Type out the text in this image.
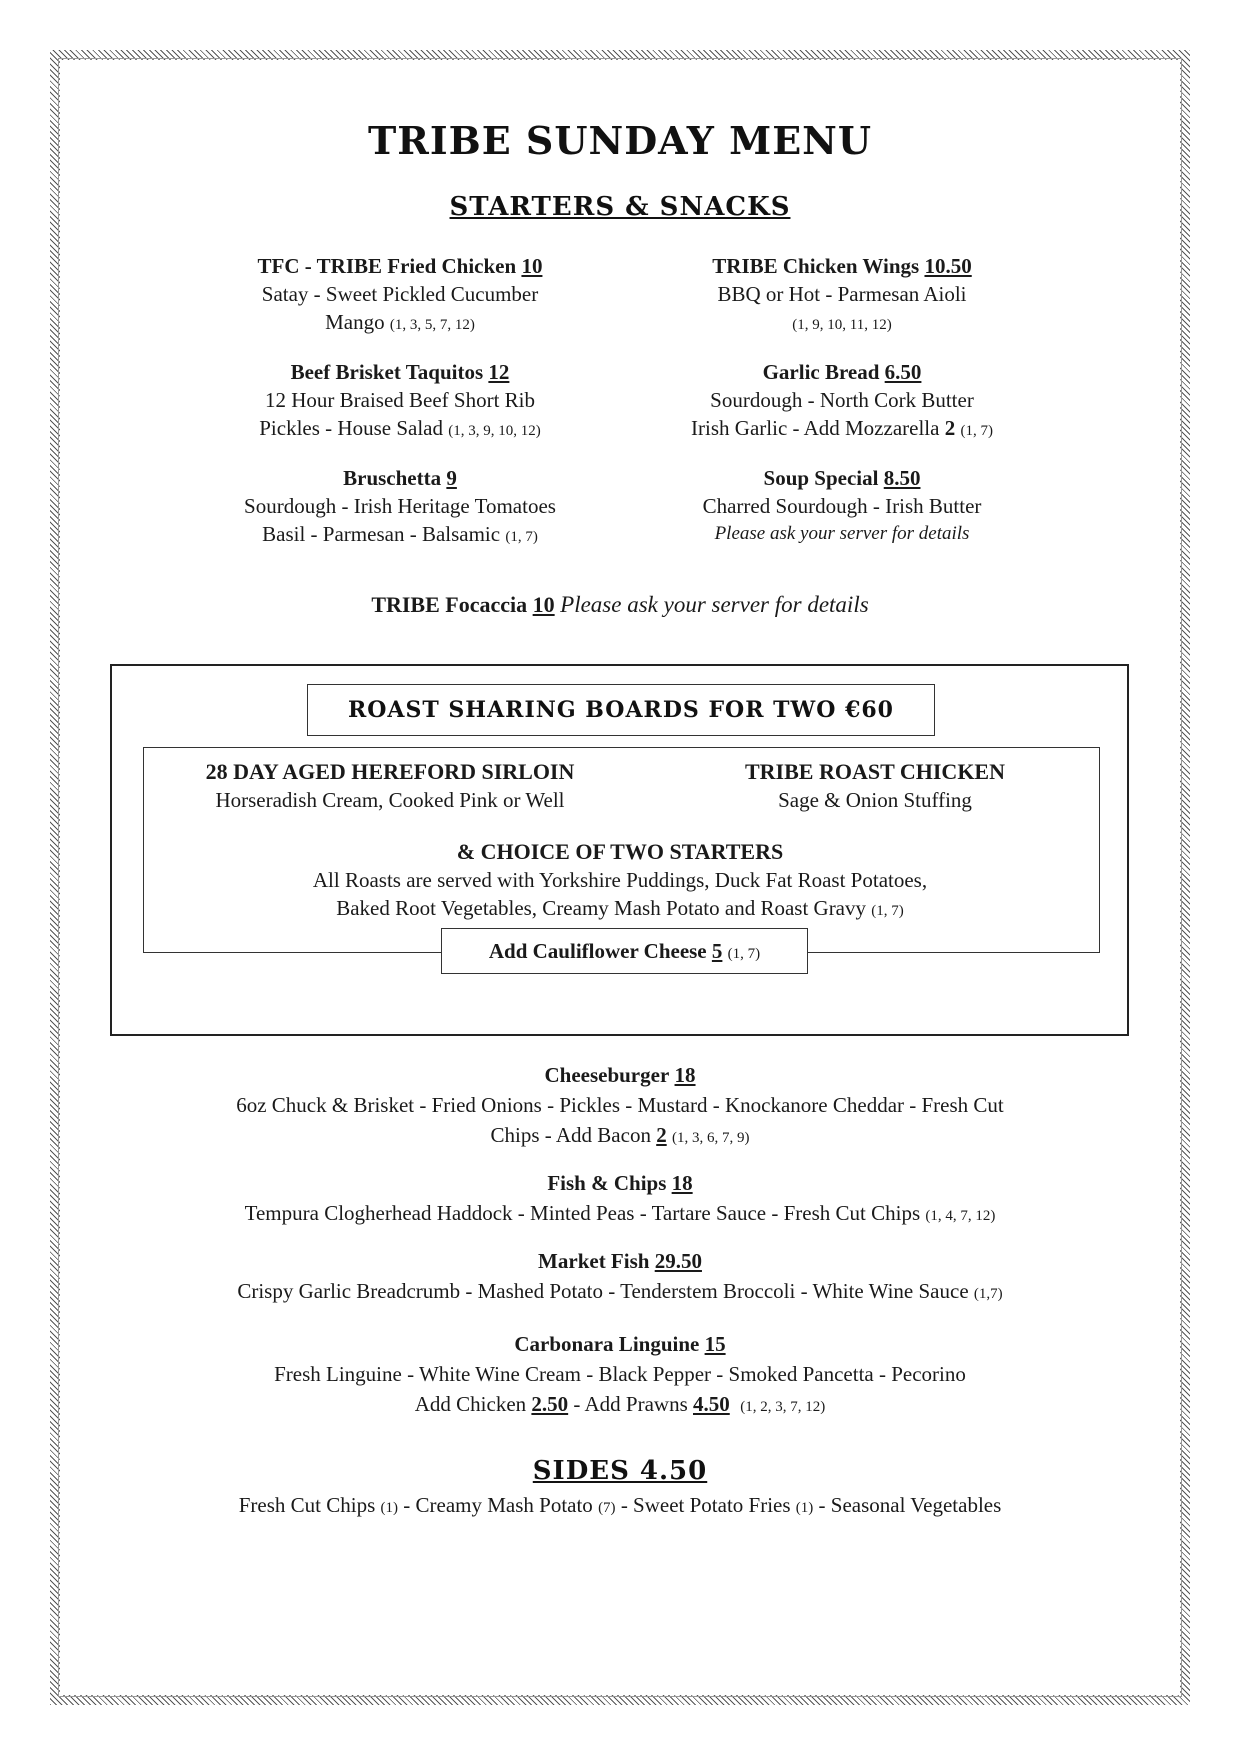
TRIBE SUNDAY MENU
STARTERS & SNACKS
TFC - TRIBE Fried Chicken 10
Satay - Sweet Pickled Cucumber
Mango (1, 3, 5, 7, 12)
TRIBE Chicken Wings 10.50
BBQ or Hot - Parmesan Aioli
(1, 9, 10, 11, 12)
Beef Brisket Taquitos 12
12 Hour Braised Beef Short Rib
Pickles - House Salad (1, 3, 9, 10, 12)
Garlic Bread 6.50
Sourdough - North Cork Butter
Irish Garlic - Add Mozzarella 2 (1, 7)
Bruschetta 9
Sourdough - Irish Heritage Tomatoes
Basil - Parmesan - Balsamic (1, 7)
Soup Special 8.50
Charred Sourdough - Irish Butter
Please ask your server for details
TRIBE Focaccia 10 Please ask your server for details
ROAST SHARING BOARDS FOR TWO €60
28 DAY AGED HEREFORD SIRLOIN
Horseradish Cream, Cooked Pink or Well
TRIBE ROAST CHICKEN
Sage & Onion Stuffing
& CHOICE OF TWO STARTERS
All Roasts are served with Yorkshire Puddings, Duck Fat Roast Potatoes,
Baked Root Vegetables, Creamy Mash Potato and Roast Gravy (1, 7)
Add Cauliflower Cheese 5 (1, 7)
Cheeseburger 18
6oz Chuck & Brisket - Fried Onions - Pickles - Mustard - Knockanore Cheddar - Fresh Cut
Chips - Add Bacon 2 (1, 3, 6, 7, 9)
Fish & Chips 18
Tempura Clogherhead Haddock - Minted Peas - Tartare Sauce - Fresh Cut Chips (1, 4, 7, 12)
Market Fish 29.50
Crispy Garlic Breadcrumb - Mashed Potato - Tenderstem Broccoli - White Wine Sauce (1,7)
Carbonara Linguine 15
Fresh Linguine - White Wine Cream - Black Pepper - Smoked Pancetta - Pecorino
Add Chicken 2.50 - Add Prawns 4.50 (1, 2, 3, 7, 12)
SIDES 4.50
Fresh Cut Chips (1) - Creamy Mash Potato (7) - Sweet Potato Fries (1) - Seasonal Vegetables
